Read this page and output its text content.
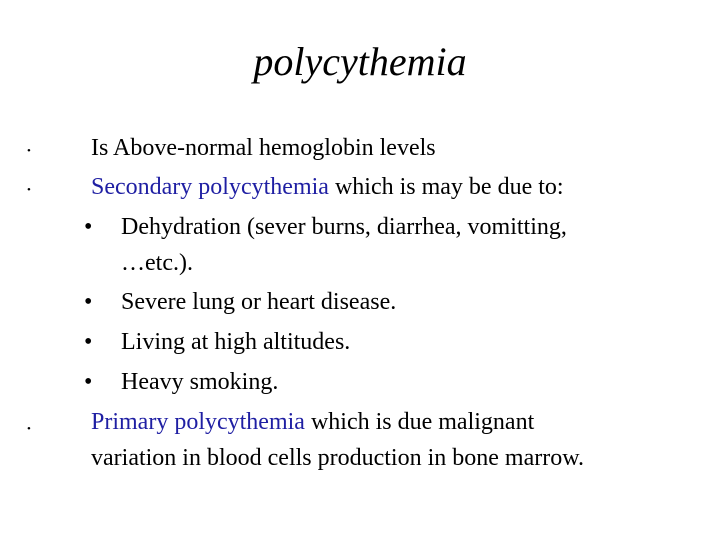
polycythemia
•	Is Above-normal hemoglobin levels
•	Secondary polycythemia which is may be due to:
• Dehydration (sever burns, diarrhea, vomitting,
…etc.).
• Severe lung or heart disease.
• Living at high altitudes.
• Heavy smoking.
•	Primary polycythemia which is due malignant
variation in blood cells production in bone marrow.
